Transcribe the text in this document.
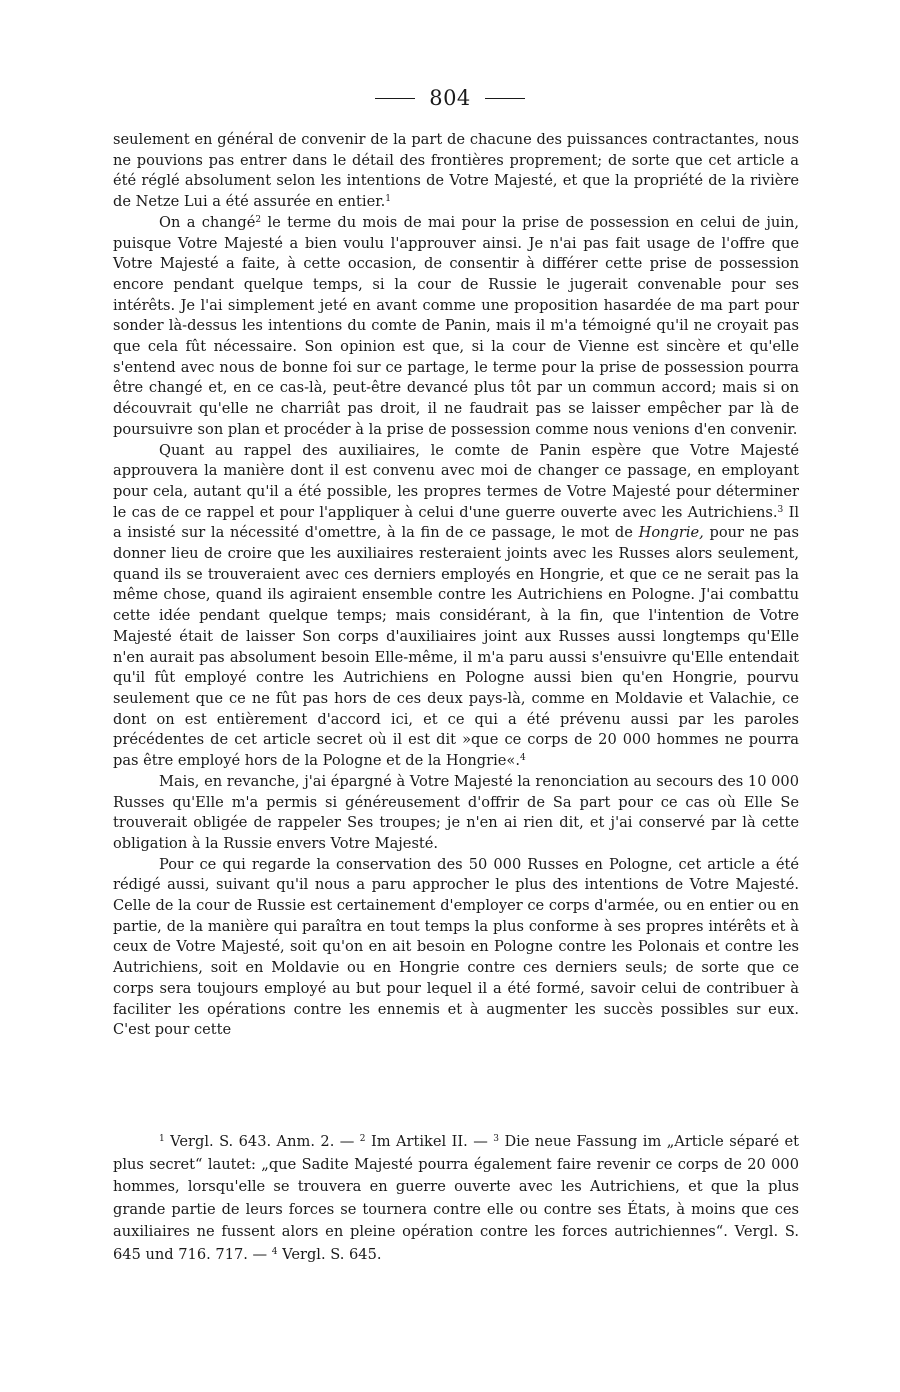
804

seulement en général de convenir de la part de chacune des puissances contractantes, nous ne pouvions pas entrer dans le détail des frontières proprement; de sorte que cet article a été réglé absolument selon les intentions de Votre Majesté, et que la propriété de la rivière de Netze Lui a été assurée en entier.$^1$

On a changé$^2$ le terme du mois de mai pour la prise de possession en celui de juin, puisque Votre Majesté a bien voulu l'approuver ainsi. Je n'ai pas fait usage de l'offre que Votre Majesté a faite, à cette occasion, de consentir à différer cette prise de possession encore pendant quelque temps, si la cour de Russie le jugerait convenable pour ses intérêts. Je l'ai simplement jeté en avant comme une proposition hasardée de ma part pour sonder là-dessus les intentions du comte de Panin, mais il m'a témoigné qu'il ne croyait pas que cela fût nécessaire. Son opinion est que, si la cour de Vienne est sincère et qu'elle s'entend avec nous de bonne foi sur ce partage, le terme pour la prise de possession pourra être changé et, en ce cas-là, peut-être devancé plus tôt par un commun accord; mais si on découvrait qu'elle ne charriât pas droit, il ne faudrait pas se laisser empêcher par là de poursuivre son plan et procéder à la prise de possession comme nous venions d'en convenir.

Quant au rappel des auxiliaires, le comte de Panin espère que Votre Majesté approuvera la manière dont il est convenu avec moi de changer ce passage, en employant pour cela, autant qu'il a été possible, les propres termes de Votre Majesté pour déterminer le cas de ce rappel et pour l'appliquer à celui d'une guerre ouverte avec les Autrichiens.$^3$ Il a insisté sur la nécessité d'omettre, à la fin de ce passage, le mot de Hongrie, pour ne pas donner lieu de croire que les auxiliaires resteraient joints avec les Russes alors seulement, quand ils se trouveraient avec ces derniers employés en Hongrie, et que ce ne serait pas la même chose, quand ils agiraient ensemble contre les Autrichiens en Pologne. J'ai combattu cette idée pendant quelque temps; mais considérant, à la fin, que l'intention de Votre Majesté était de laisser Son corps d'auxiliaires joint aux Russes aussi longtemps qu'Elle n'en aurait pas absolument besoin Elle-même, il m'a paru aussi s'ensuivre qu'Elle entendait qu'il fût employé contre les Autrichiens en Pologne aussi bien qu'en Hongrie, pourvu seulement que ce ne fût pas hors de ces deux pays-là, comme en Moldavie et Valachie, ce dont on est entièrement d'accord ici, et ce qui a été prévenu aussi par les paroles précédentes de cet article secret où il est dit »que ce corps de 20 000 hommes ne pourra pas être employé hors de la Pologne et de la Hongrie«.$^4$

Mais, en revanche, j'ai épargné à Votre Majesté la renonciation au secours des 10 000 Russes qu'Elle m'a permis si généreusement d'offrir de Sa part pour ce cas où Elle Se trouverait obligée de rappeler Ses troupes; je n'en ai rien dit, et j'ai conservé par là cette obligation à la Russie envers Votre Majesté.

Pour ce qui regarde la conservation des 50 000 Russes en Pologne, cet article a été rédigé aussi, suivant qu'il nous a paru approcher le plus des intentions de Votre Majesté. Celle de la cour de Russie est certainement d'employer ce corps d'armée, ou en entier ou en partie, de la manière qui paraîtra en tout temps la plus conforme à ses propres intérêts et à ceux de Votre Majesté, soit qu'on en ait besoin en Pologne contre les Polonais et contre les Autrichiens, soit en Moldavie ou en Hongrie contre ces derniers seuls; de sorte que ce corps sera toujours employé au but pour lequel il a été formé, savoir celui de contribuer à faciliter les opérations contre les ennemis et à augmenter les succès possibles sur eux. C'est pour cette

$^1$ Vergl. S. 643. Anm. 2. — $^2$ Im Artikel II. — $^3$ Die neue Fassung im „Article séparé et plus secret“ lautet: „que Sadite Majesté pourra également faire revenir ce corps de 20 000 hommes, lorsqu'elle se trouvera en guerre ouverte avec les Autrichiens, et que la plus grande partie de leurs forces se tournera contre elle ou contre ses États, à moins que ces auxiliaires ne fussent alors en pleine opération contre les forces autrichiennes“. Vergl. S. 645 und 716. 717. — $^4$ Vergl. S. 645.
